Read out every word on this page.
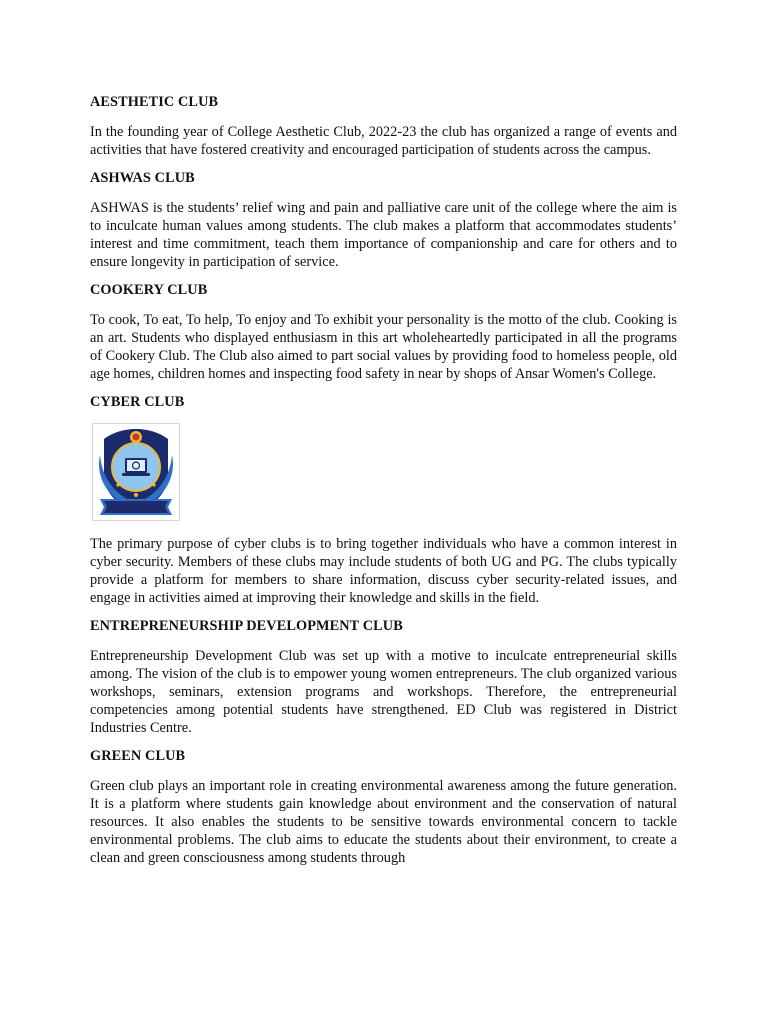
AESTHETIC CLUB
In the founding year of College Aesthetic Club, 2022-23 the club has organized a range of events and activities that have fostered creativity and encouraged participation of students across the campus.
ASHWAS CLUB
ASHWAS is the students’ relief wing and pain and palliative care unit of the college where the aim is to inculcate human values among students. The club makes a platform that accommodates students’ interest and time commitment, teach them importance of companionship and care for others and to ensure longevity in participation of service.
COOKERY CLUB
To cook, To eat, To help, To enjoy and To exhibit your personality is the motto of the club. Cooking is an art. Students who displayed enthusiasm in this art wholeheartedly participated in all the programs of Cookery Club. The Club also aimed to part social values by providing food to homeless people, old age homes, children homes and inspecting food safety in near by shops of Ansar Women's College.
CYBER CLUB
The primary purpose of cyber clubs is to bring together individuals who have a common interest in cyber security. Members of these clubs may include students of both UG and PG. The clubs typically provide a platform for members to share information, discuss cyber security-related issues, and engage in activities aimed at improving their knowledge and skills in the field.
ENTREPRENEURSHIP DEVELOPMENT CLUB
Entrepreneurship Development Club was set up with a motive to inculcate entrepreneurial skills among. The vision of the club is to empower young women entrepreneurs. The club organized various workshops, seminars, extension programs and workshops. Therefore, the entrepreneurial competencies among potential students have strengthened. ED Club was registered in District Industries Centre.
GREEN CLUB
Green club plays an important role in creating environmental awareness among the future generation. It is a platform where students gain knowledge about environment and the conservation of natural resources. It also enables the students to be sensitive towards environmental concern to tackle environmental problems. The club aims to educate the students about their environment, to create a clean and green consciousness among students through
